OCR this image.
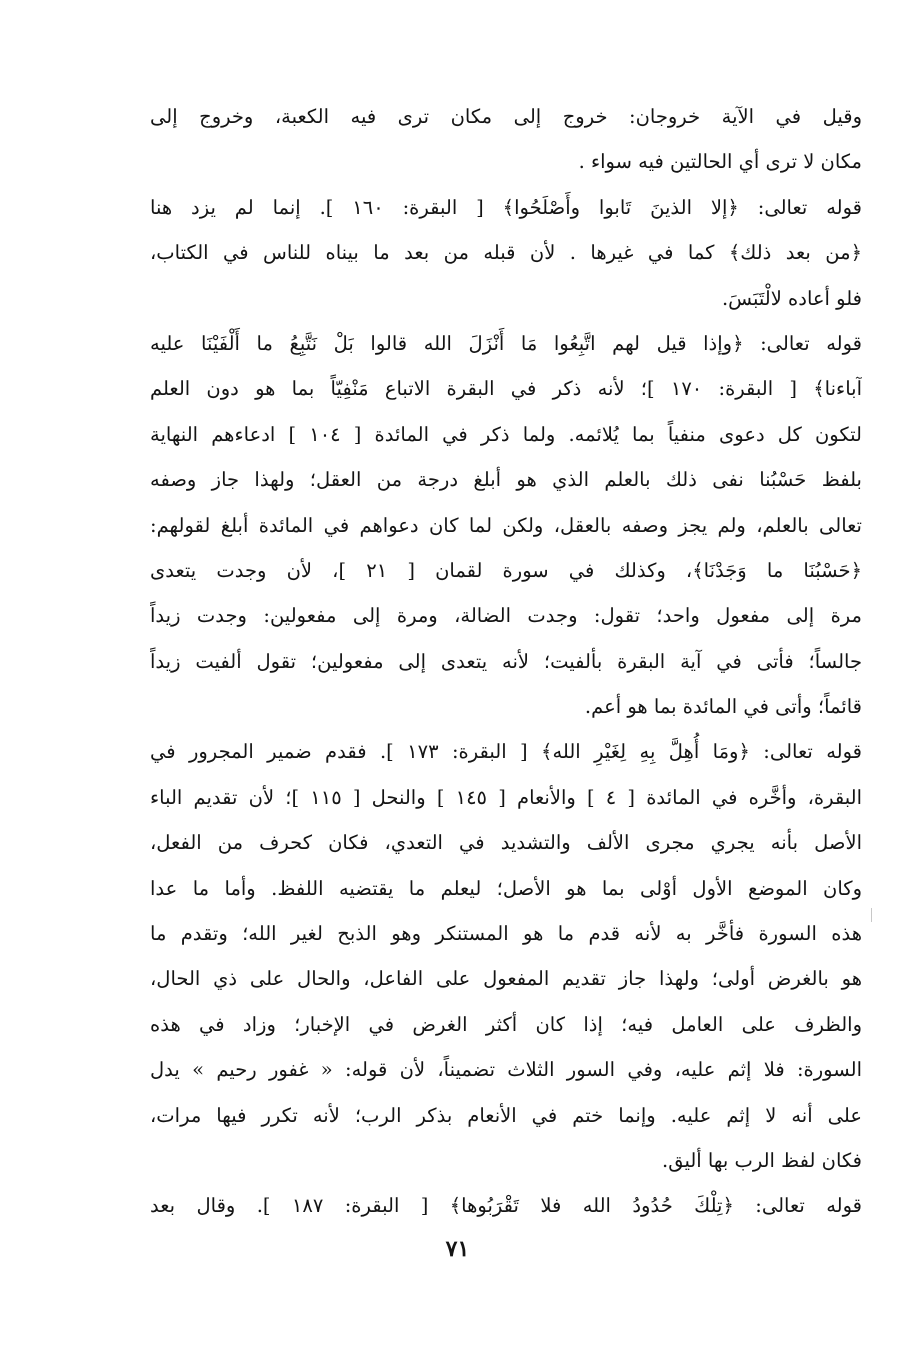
وقيل في الآية خروجان: خروج إلى مكان ترى فيه الكعبة، وخروج إلى
مكان لا ترى أي الحالتين فيه سواء .
قوله تعالى: ﴿إلا الذينَ تَابوا وأَصْلَحُوا﴾ [ البقرة: ١٦٠ ]. إنما لم يزد هنا
﴿من بعد ذلك﴾ كما في غيرها . لأن قبله من بعد ما بيناه للناس في الكتاب،
فلو أعاده لالْتَبَسَ.
قوله تعالى: ﴿وإذا قيل لهم اتَّبِعُوا مَا أَنْزَلَ الله قالوا بَلْ نَتَّبِعُ ما أَلْفَيْنَا عليه
آباءنا﴾ [ البقرة: ١٧٠ ]؛ لأنه ذكر في البقرة الاتباع مَنْفِيّاً بما هو دون العلم
لتكون كل دعوى منفياً بما يُلائمه. ولما ذكر في المائدة [ ١٠٤ ] ادعاءهم النهاية
بلفظ حَسْبُنا نفى ذلك بالعلم الذي هو أبلغ درجة من العقل؛ ولهذا جاز وصفه
تعالى بالعلم، ولم يجز وصفه بالعقل، ولكن لما كان دعواهم في المائدة أبلغ لقولهم:
﴿حَسْبُنَا ما وَجَدْنَا﴾، وكذلك في سورة لقمان [ ٢١ ]، لأن وجدت يتعدى
مرة إلى مفعول واحد؛ تقول: وجدت الضالة، ومرة إلى مفعولين: وجدت زيداً
جالساً؛ فأتى في آية البقرة بألفيت؛ لأنه يتعدى إلى مفعولين؛ تقول ألفيت زيداً
قائماً؛ وأتى في المائدة بما هو أعم.
قوله تعالى: ﴿ومَا أُهِلَّ بِهِ لِغَيْرِ الله﴾ [ البقرة: ١٧٣ ]. فقدم ضمير المجرور في
البقرة، وأخَّره في المائدة [ ٤ ] والأنعام [ ١٤٥ ] والنحل [ ١١٥ ]؛ لأن تقديم الباء
الأصل بأنه يجري مجرى الألف والتشديد في التعدي، فكان كحرف من الفعل،
وكان الموضع الأول أوْلى بما هو الأصل؛ ليعلم ما يقتضيه اللفظ. وأما ما عدا
هذه السورة فأخَّر به لأنه قدم ما هو المستنكر وهو الذبح لغير الله؛ وتقدم ما
هو بالغرض أولى؛ ولهذا جاز تقديم المفعول على الفاعل، والحال على ذي الحال،
والظرف على العامل فيه؛ إذا كان أكثر الغرض في الإخبار؛ وزاد في هذه
السورة: فلا إثم عليه، وفي السور الثلاث تضميناً، لأن قوله: « غفور رحيم » يدل
على أنه لا إثم عليه. وإنما ختم في الأنعام بذكر الرب؛ لأنه تكرر فيها مرات،
فكان لفظ الرب بها أليق.
قوله تعالى: ﴿تِلْكَ حُدُودُ الله فلا تَقْرَبُوها﴾ [ البقرة: ١٨٧ ]. وقال بعد
٧١
